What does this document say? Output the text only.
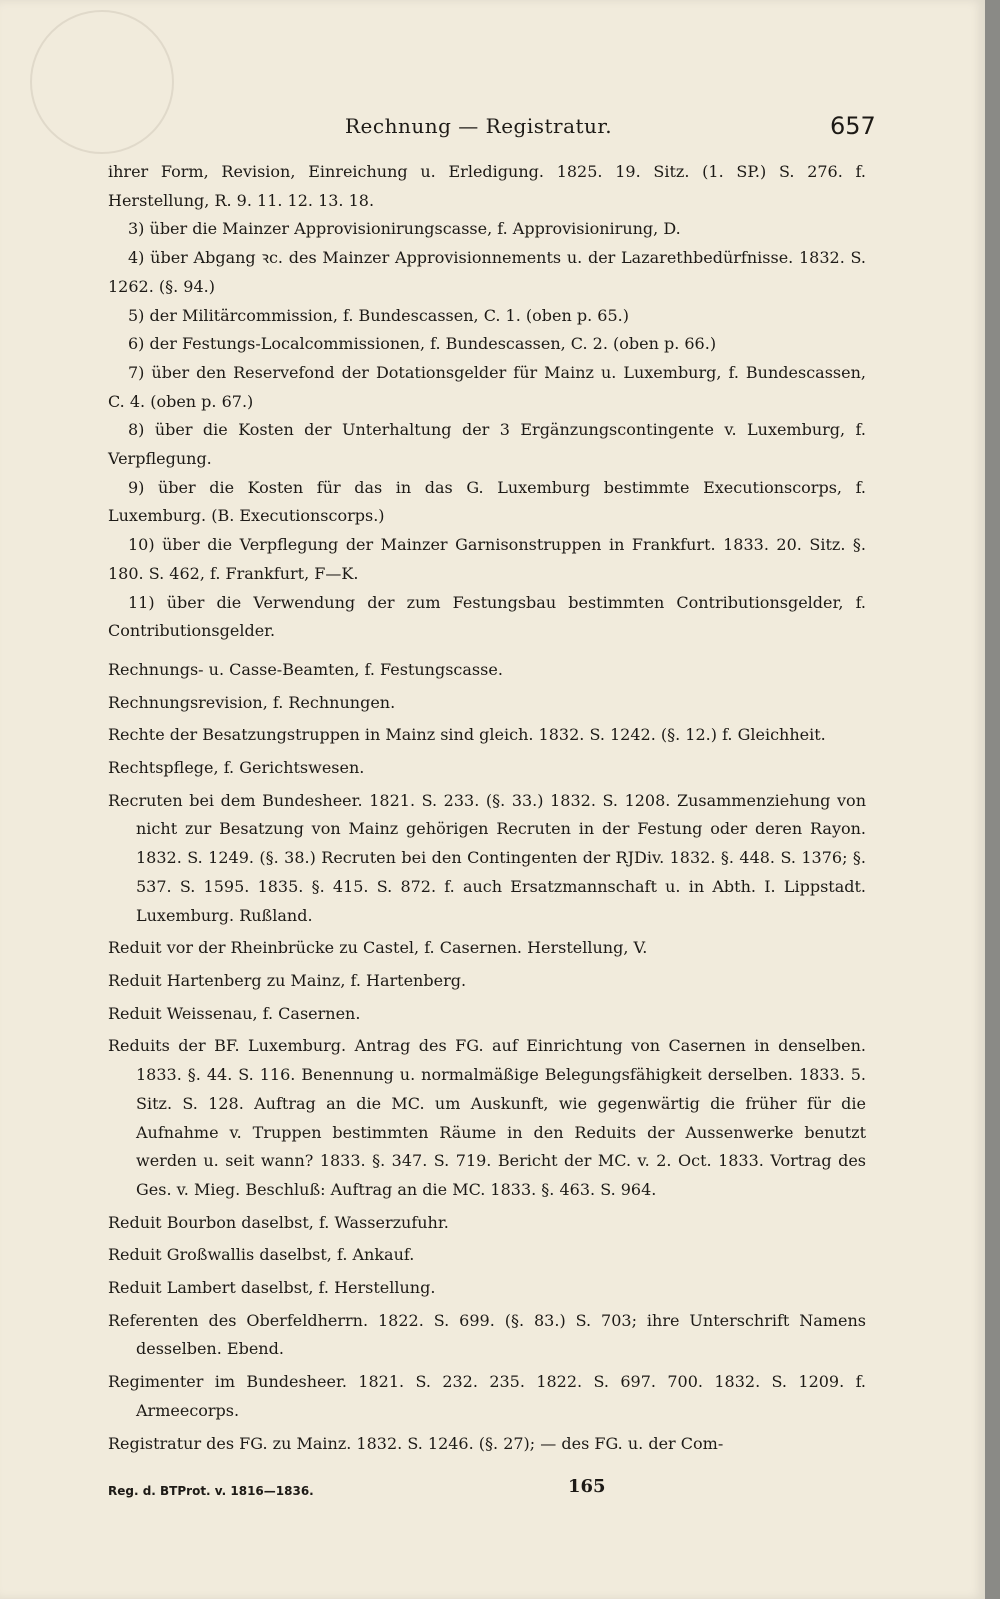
Rechnung — Registratur.	657

ihrer Form, Revision, Einreichung u. Erledigung. 1825. 19. Sitz. (1. SP.) S. 276. f. Herstellung, R. 9. 11. 12. 13. 18.

3) über die Mainzer Approvisionirungscasse, f. Approvisionirung, D.

4) über Abgang ꝛc. des Mainzer Approvisionnements u. der Lazarethbedürfnisse. 1832. S. 1262. (§. 94.)

5) der Militärcommission, f. Bundescassen, C. 1. (oben p. 65.)

6) der Festungs-Localcommissionen, f. Bundescassen, C. 2. (oben p. 66.)

7) über den Reservefond der Dotationsgelder für Mainz u. Luxemburg, f. Bundescassen, C. 4. (oben p. 67.)

8) über die Kosten der Unterhaltung der 3 Ergänzungscontingente v. Luxemburg, f. Verpflegung.

9) über die Kosten für das in das G. Luxemburg bestimmte Executionscorps, f. Luxemburg. (B. Executionscorps.)

10) über die Verpflegung der Mainzer Garnisonstruppen in Frankfurt. 1833. 20. Sitz. §. 180. S. 462, f. Frankfurt, F—K.

11) über die Verwendung der zum Festungsbau bestimmten Contributionsgelder, f. Contributionsgelder.

Rechnungs- u. Casse-Beamten, f. Festungscasse.

Rechnungsrevision, f. Rechnungen.

Rechte der Besatzungstruppen in Mainz sind gleich. 1832. S. 1242. (§. 12.) f. Gleichheit.

Rechtspflege, f. Gerichtswesen.

Recruten bei dem Bundesheer. 1821. S. 233. (§. 33.) 1832. S. 1208. Zusammenziehung von nicht zur Besatzung von Mainz gehörigen Recruten in der Festung oder deren Rayon. 1832. S. 1249. (§. 38.) Recruten bei den Contingenten der RJDiv. 1832. §. 448. S. 1376; §. 537. S. 1595. 1835. §. 415. S. 872. f. auch Ersatzmannschaft u. in Abth. I. Lippstadt. Luxemburg. Rußland.

Reduit vor der Rheinbrücke zu Castel, f. Casernen. Herstellung, V.

Reduit Hartenberg zu Mainz, f. Hartenberg.

Reduit Weissenau, f. Casernen.

Reduits der BF. Luxemburg. Antrag des FG. auf Einrichtung von Casernen in denselben. 1833. §. 44. S. 116. Benennung u. normalmäßige Belegungsfähigkeit derselben. 1833. 5. Sitz. S. 128. Auftrag an die MC. um Auskunft, wie gegenwärtig die früher für die Aufnahme v. Truppen bestimmten Räume in den Reduits der Aussenwerke benutzt werden u. seit wann? 1833. §. 347. S. 719. Bericht der MC. v. 2. Oct. 1833. Vortrag des Ges. v. Mieg. Beschluß: Auftrag an die MC. 1833. §. 463. S. 964.

Reduit Bourbon daselbst, f. Wasserzufuhr.

Reduit Großwallis daselbst, f. Ankauf.

Reduit Lambert daselbst, f. Herstellung.

Referenten des Oberfeldherrn. 1822. S. 699. (§. 83.) S. 703; ihre Unterschrift Namens desselben. Ebend.

Regimenter im Bundesheer. 1821. S. 232. 235. 1822. S. 697. 700. 1832. S. 1209. f. Armeecorps.

Registratur des FG. zu Mainz. 1832. S. 1246. (§. 27); — des FG. u. der Com-

Reg. d. BTProt. v. 1816—1836.	165
